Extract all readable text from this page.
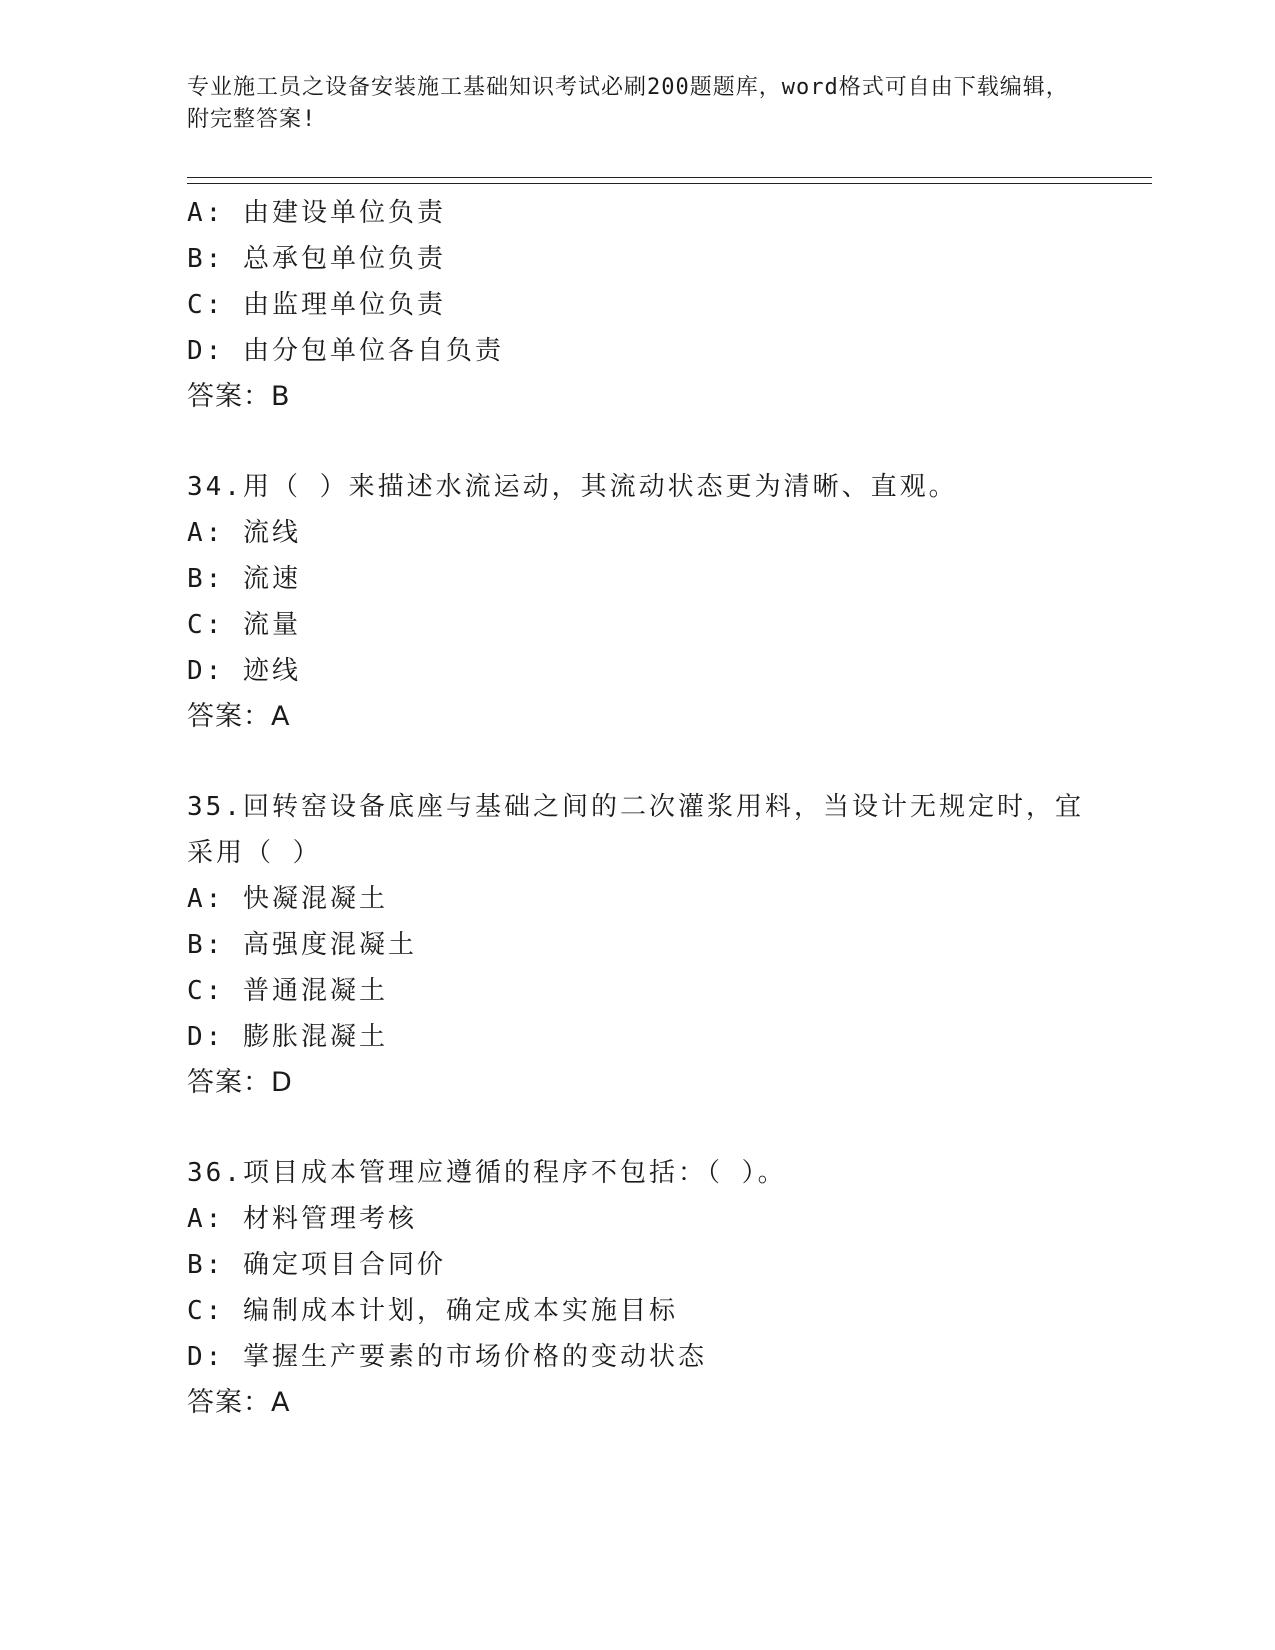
专业施工员之设备安装施工基础知识考试必刷200题题库，word格式可自由下载编辑，附完整答案!
A: 由建设单位负责
B: 总承包单位负责
C: 由监理单位负责
D: 由分包单位各自负责
答案：B
34.用（ ）来描述水流运动，其流动状态更为清晰、直观。
A: 流线
B: 流速
C: 流量
D: 迹线
答案：A
35.回转窑设备底座与基础之间的二次灌浆用料，当设计无规定时，宜采用（ ）
A: 快凝混凝土
B: 高强度混凝土
C: 普通混凝土
D: 膨胀混凝土
答案：D
36.项目成本管理应遵循的程序不包括：（ ）。
A: 材料管理考核
B: 确定项目合同价
C: 编制成本计划，确定成本实施目标
D: 掌握生产要素的市场价格的变动状态
答案：A
